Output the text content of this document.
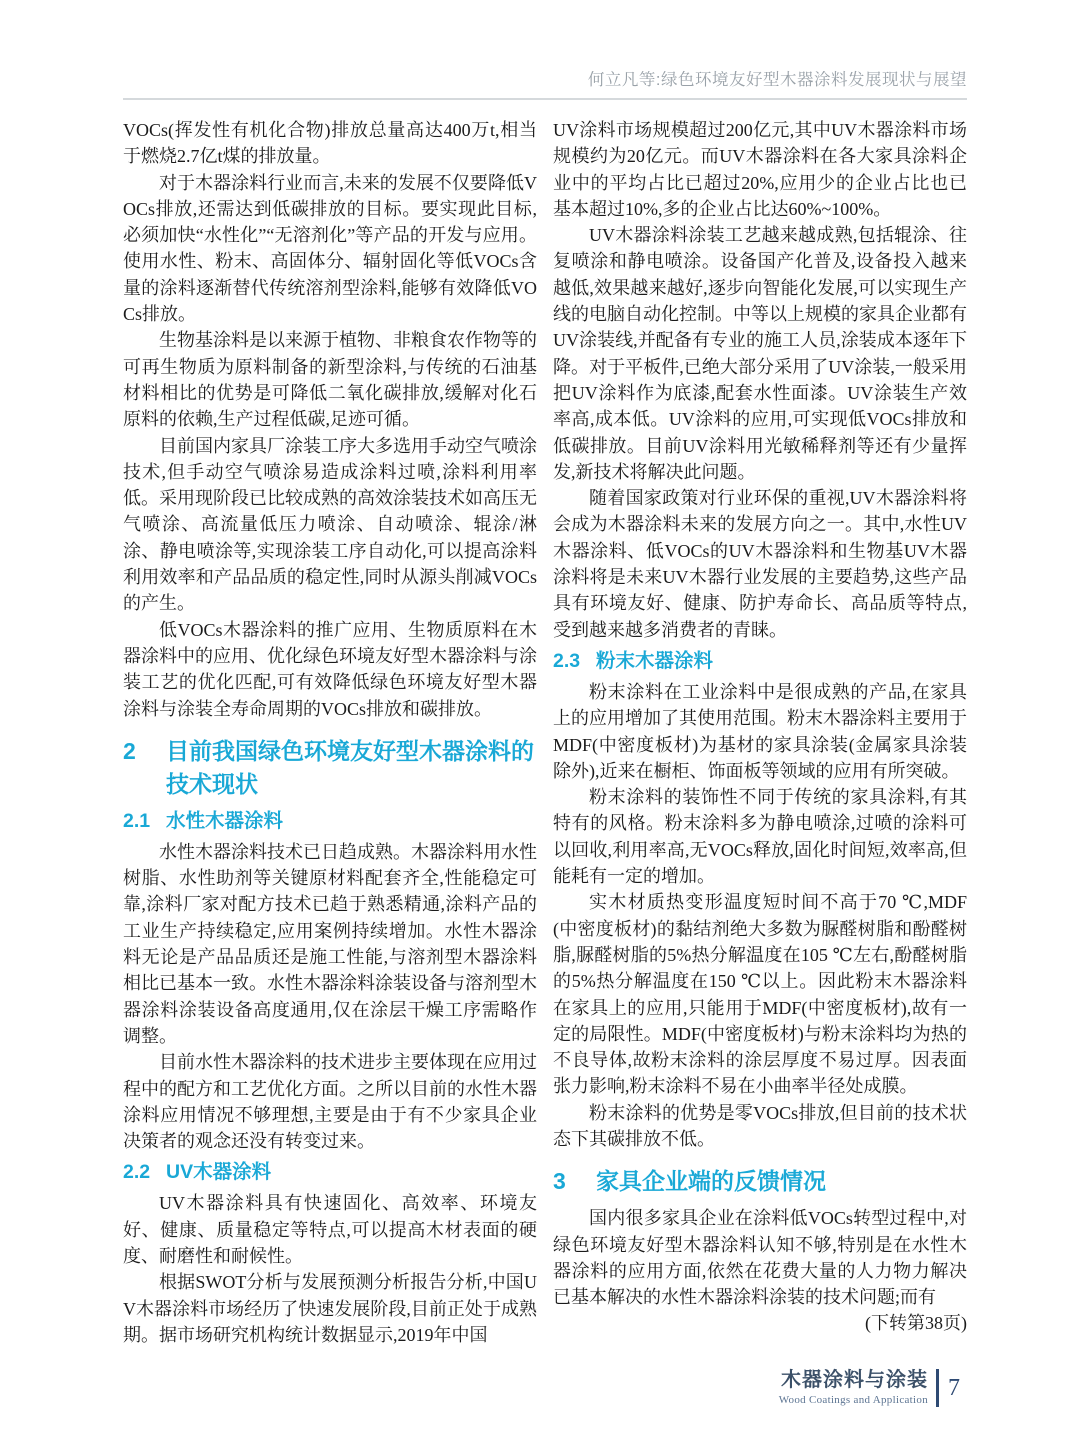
何立凡等:绿色环境友好型木器涂料发展现状与展望

VOCs(挥发性有机化合物)排放总量高达400万t,相当于燃烧2.7亿t煤的排放量。

对于木器涂料行业而言,未来的发展不仅要降低VOCs排放,还需达到低碳排放的目标。要实现此目标,必须加快“水性化”“无溶剂化”等产品的开发与应用。使用水性、粉末、高固体分、辐射固化等低VOCs含量的涂料逐渐替代传统溶剂型涂料,能够有效降低VOCs排放。

生物基涂料是以来源于植物、非粮食农作物等的可再生物质为原料制备的新型涂料,与传统的石油基材料相比的优势是可降低二氧化碳排放,缓解对化石原料的依赖,生产过程低碳,足迹可循。

目前国内家具厂涂装工序大多选用手动空气喷涂技术,但手动空气喷涂易造成涂料过喷,涂料利用率低。采用现阶段已比较成熟的高效涂装技术如高压无气喷涂、高流量低压力喷涂、自动喷涂、辊涂/淋涂、静电喷涂等,实现涂装工序自动化,可以提高涂料利用效率和产品品质的稳定性,同时从源头削减VOCs的产生。

低VOCs木器涂料的推广应用、生物质原料在木器涂料中的应用、优化绿色环境友好型木器涂料与涂装工艺的优化匹配,可有效降低绿色环境友好型木器涂料与涂装全寿命周期的VOCs排放和碳排放。

2	目前我国绿色环境友好型木器涂料的技术现状
2.1 水性木器涂料

水性木器涂料技术已日趋成熟。木器涂料用水性树脂、水性助剂等关键原材料配套齐全,性能稳定可靠,涂料厂家对配方技术已趋于熟悉精通,涂料产品的工业生产持续稳定,应用案例持续增加。水性木器涂料无论是产品品质还是施工性能,与溶剂型木器涂料相比已基本一致。水性木器涂料涂装设备与溶剂型木器涂料涂装设备高度通用,仅在涂层干燥工序需略作调整。

目前水性木器涂料的技术进步主要体现在应用过程中的配方和工艺优化方面。之所以目前的水性木器涂料应用情况不够理想,主要是由于有不少家具企业决策者的观念还没有转变过来。

2.2 UV木器涂料

UV木器涂料具有快速固化、高效率、环境友好、健康、质量稳定等特点,可以提高木材表面的硬度、耐磨性和耐候性。

根据SWOT分析与发展预测分析报告分析,中国UV木器涂料市场经历了快速发展阶段,目前正处于成熟期。据市场研究机构统计数据显示,2019年中国

UV涂料市场规模超过200亿元,其中UV木器涂料市场规模约为20亿元。而UV木器涂料在各大家具涂料企业中的平均占比已超过20%,应用少的企业占比也已基本超过10%,多的企业占比达60%~100%。

UV木器涂料涂装工艺越来越成熟,包括辊涂、往复喷涂和静电喷涂。设备国产化普及,设备投入越来越低,效果越来越好,逐步向智能化发展,可以实现生产线的电脑自动化控制。中等以上规模的家具企业都有UV涂装线,并配备有专业的施工人员,涂装成本逐年下降。对于平板件,已绝大部分采用了UV涂装,一般采用把UV涂料作为底漆,配套水性面漆。UV涂装生产效率高,成本低。UV涂料的应用,可实现低VOCs排放和低碳排放。目前UV涂料用光敏稀释剂等还有少量挥发,新技术将解决此问题。

随着国家政策对行业环保的重视,UV木器涂料将会成为木器涂料未来的发展方向之一。其中,水性UV木器涂料、低VOCs的UV木器涂料和生物基UV木器涂料将是未来UV木器行业发展的主要趋势,这些产品具有环境友好、健康、防护寿命长、高品质等特点,受到越来越多消费者的青睐。

2.3 粉末木器涂料

粉末涂料在工业涂料中是很成熟的产品,在家具上的应用增加了其使用范围。粉末木器涂料主要用于MDF(中密度板材)为基材的家具涂装(金属家具涂装除外),近来在橱柜、饰面板等领域的应用有所突破。

粉末涂料的装饰性不同于传统的家具涂料,有其特有的风格。粉末涂料多为静电喷涂,过喷的涂料可以回收,利用率高,无VOCs释放,固化时间短,效率高,但能耗有一定的增加。

实木材质热变形温度短时间不高于70 ℃,MDF(中密度板材)的黏结剂绝大多数为脲醛树脂和酚醛树脂,脲醛树脂的5%热分解温度在105 ℃左右,酚醛树脂的5%热分解温度在150 ℃以上。因此粉末木器涂料在家具上的应用,只能用于MDF(中密度板材),故有一定的局限性。MDF(中密度板材)与粉末涂料均为热的不良导体,故粉末涂料的涂层厚度不易过厚。因表面张力影响,粉末涂料不易在小曲率半径处成膜。

粉末涂料的优势是零VOCs排放,但目前的技术状态下其碳排放不低。

3	家具企业端的反馈情况

国内很多家具企业在涂料低VOCs转型过程中,对绿色环境友好型木器涂料认知不够,特别是在水性木器涂料的应用方面,依然在花费大量的人力物力解决已基本解决的水性木器涂料涂装的技术问题;而有

(下转第38页)

木器涂料与涂装
Wood Coatings and Application 7
